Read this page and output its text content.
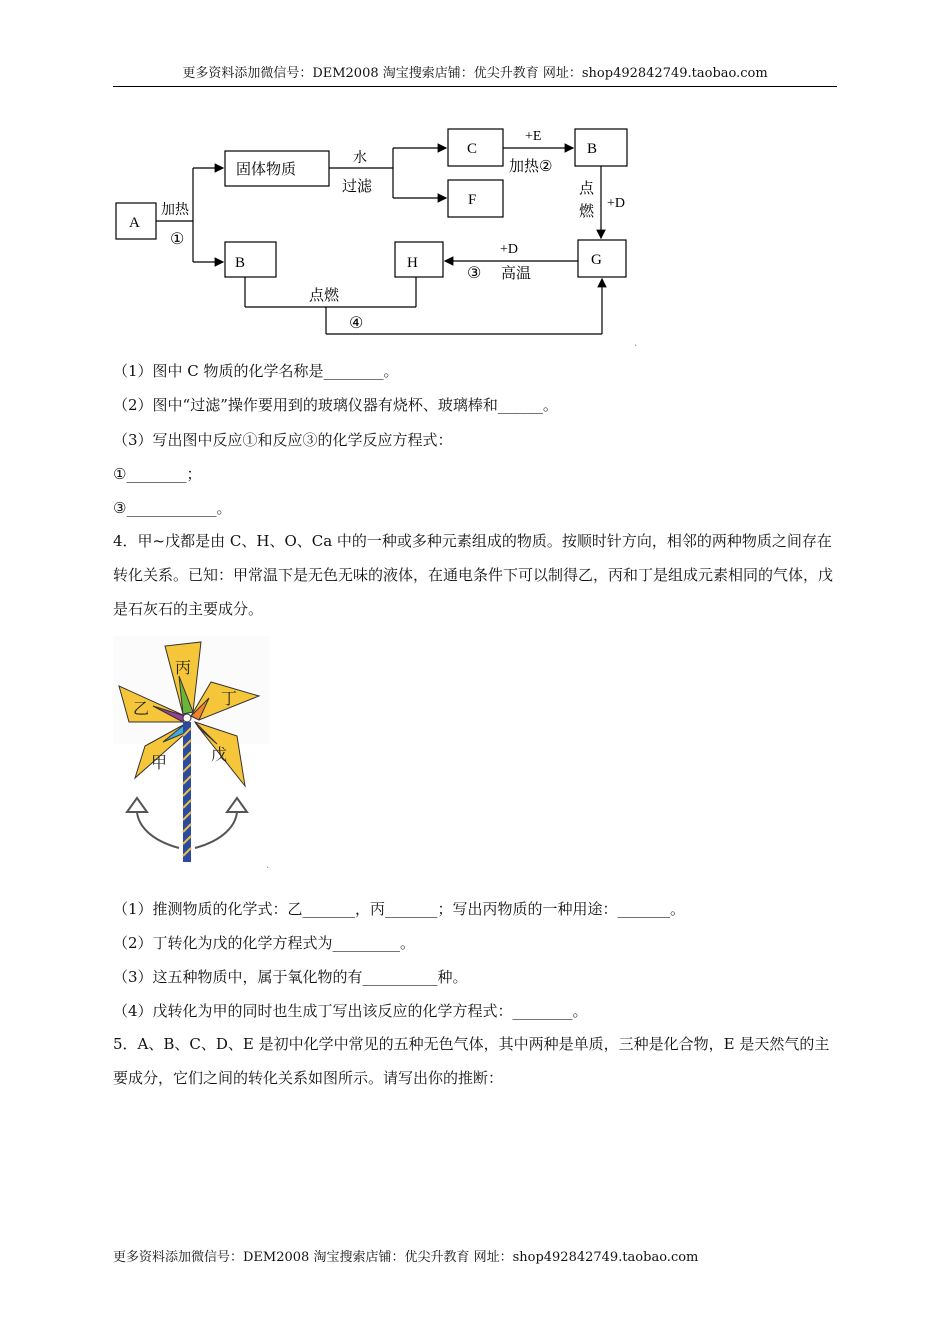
更多资料添加微信号：DEM2008 淘宝搜索店铺：优尖升教育 网址：shop492842749.taobao.com
A
固体物质
C
F
B
B	H	G
加热
①
水
过滤
+E
加热②
点
燃 +D
+D
③ 高温
点燃
④
.
（1）图中 C 物质的化学名称是________。
（2）图中“过滤”操作要用到的玻璃仪器有烧杯、玻璃棒和______。
（3）写出图中反应①和反应③的化学反应方程式：
①________；
③____________。
4．甲~戊都是由 C、H、O、Ca 中的一种或多种元素组成的物质。按顺时针方向，相邻的两种物质之间存在转化关系。已知：甲常温下是无色无味的液体，在通电条件下可以制得乙，丙和丁是组成元素相同的气体，戊是石灰石的主要成分。
丙
丁
乙
甲	戊
.
（1）推测物质的化学式：乙_______，丙_______；写出丙物质的一种用途：_______。
（2）丁转化为戊的化学方程式为_________。
（3）这五种物质中，属于氧化物的有__________种。
（4）戊转化为甲的同时也生成丁写出该反应的化学方程式：________。
5．A、B、C、D、E 是初中化学中常见的五种无色气体，其中两种是单质，三种是化合物，E 是天然气的主要成分，它们之间的转化关系如图所示。请写出你的推断：
更多资料添加微信号：DEM2008 淘宝搜索店铺：优尖升教育 网址：shop492842749.taobao.com
